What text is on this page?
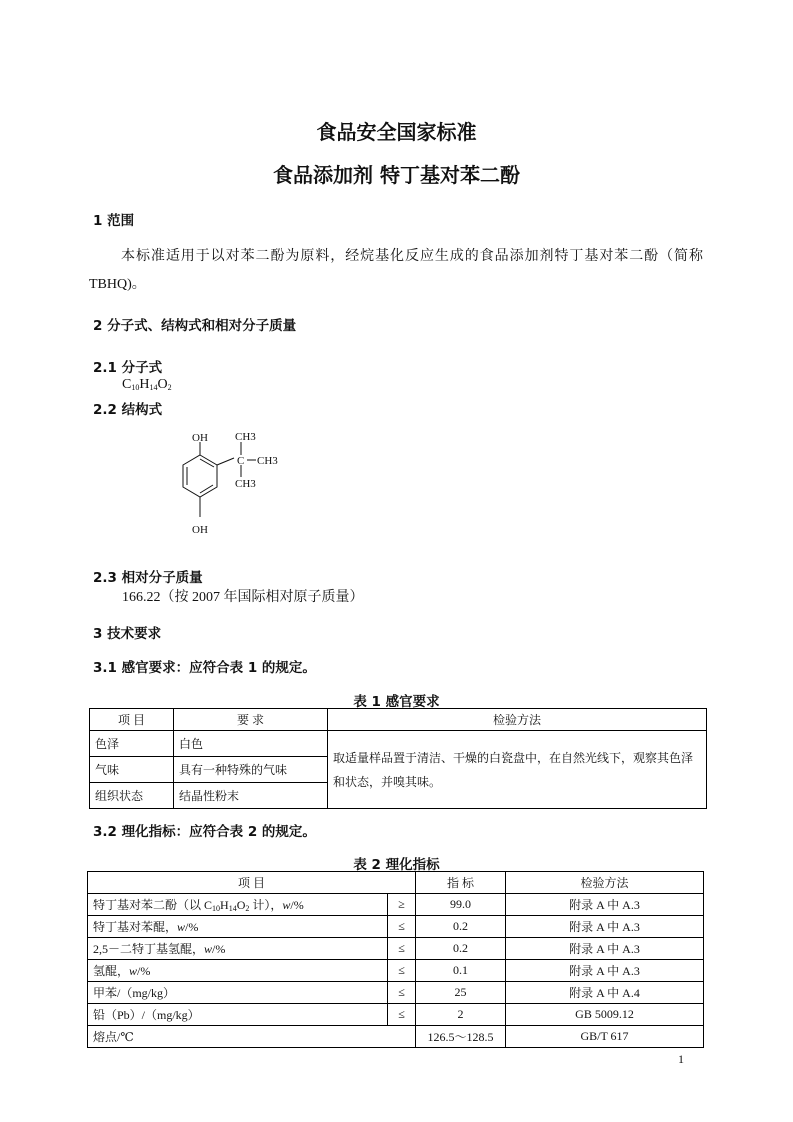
食品安全国家标准
食品添加剂 特丁基对苯二酚
1 范围
本标准适用于以对苯二酚为原料，经烷基化反应生成的食品添加剂特丁基对苯二酚（简称TBHQ)。
2 分子式、结构式和相对分子质量
2.1 分子式
$C_{10}H_{14}O_2$
2.2 结构式
OH
OH
C
CH3
CH3
CH3
2.3 相对分子质量
166.22（按 2007 年国际相对原子质量）
3 技术要求
3.1 感官要求：应符合表 1 的规定。
表 1 感官要求
项 目	要 求	检验方法
色泽	白色	取适量样品置于清洁、干燥的白瓷盘中，在自然光线下，观察其色泽和状态，并嗅其味。
气味	具有一种特殊的气味	
组织状态	结晶性粉末	
3.2 理化指标：应符合表 2 的规定。
表 2 理化指标
项 目		指 标	检验方法
特丁基对苯二酚（以 $C_{10}H_{14}O_2$ 计），w/%	≥	99.0	附录 A 中 A.3
特丁基对苯醌，w/%	≤	0.2	附录 A 中 A.3
2,5－二特丁基氢醌，w/%	≤	0.2	附录 A 中 A.3
氢醌，w/%	≤	0.1	附录 A 中 A.3
甲苯/（mg/kg）	≤	25	附录 A 中 A.4
铅（Pb）/（mg/kg）	≤	2	GB 5009.12
熔点/℃		126.5～128.5	GB/T 617
1
